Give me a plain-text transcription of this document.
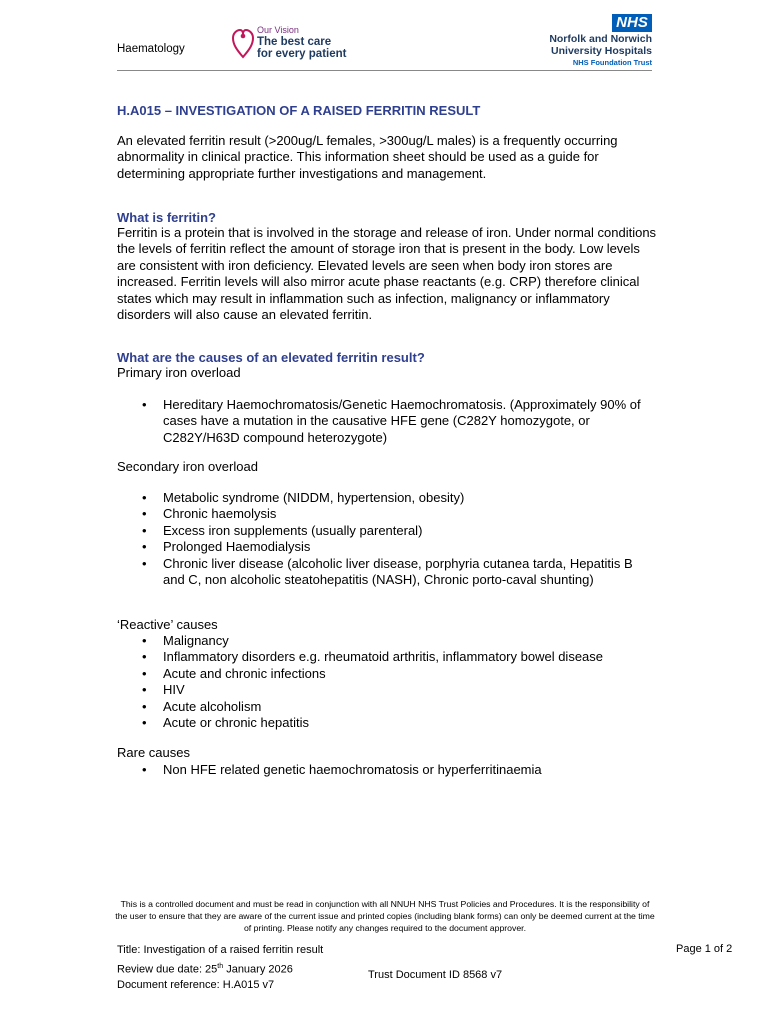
Haematology
Our Vision
The best care
for every patient
NHS
Norfolk and Norwich
University Hospitals
NHS Foundation Trust
H.A015 – INVESTIGATION OF A RAISED FERRITIN RESULT
An elevated ferritin result (>200ug/L females, >300ug/L males) is a frequently occurring abnormality in clinical practice. This information sheet should be used as a guide for determining appropriate further investigations and management.
What is ferritin?
Ferritin is a protein that is involved in the storage and release of iron. Under normal conditions the levels of ferritin reflect the amount of storage iron that is present in the body. Low levels are consistent with iron deficiency. Elevated levels are seen when body iron stores are increased. Ferritin levels will also mirror acute phase reactants (e.g. CRP) therefore clinical states which may result in inflammation such as infection, malignancy or inflammatory disorders will also cause an elevated ferritin.
What are the causes of an elevated ferritin result?
Primary iron overload
• Hereditary Haemochromatosis/Genetic Haemochromatosis. (Approximately 90% of cases have a mutation in the causative HFE gene (C282Y homozygote, or C282Y/H63D compound heterozygote)
Secondary iron overload
• Metabolic syndrome (NIDDM, hypertension, obesity)
• Chronic haemolysis
• Excess iron supplements (usually parenteral)
• Prolonged Haemodialysis
• Chronic liver disease (alcoholic liver disease, porphyria cutanea tarda, Hepatitis B and C, non alcoholic steatohepatitis (NASH), Chronic porto-caval shunting)
‘Reactive’ causes
• Malignancy
• Inflammatory disorders e.g. rheumatoid arthritis, inflammatory bowel disease
• Acute and chronic infections
• HIV
• Acute alcoholism
• Acute or chronic hepatitis
Rare causes
• Non HFE related genetic haemochromatosis or hyperferritinaemia
This is a controlled document and must be read in conjunction with all NNUH NHS Trust Policies and Procedures. It is the responsibility of the user to ensure that they are aware of the current issue and printed copies (including blank forms) can only be deemed current at the time of printing. Please notify any changes required to the document approver.
Title: Investigation of a raised ferritin result
Review due date: 25th January 2026
Document reference: H.A015 v7
Trust Document ID 8568 v7
Page 1 of 2
